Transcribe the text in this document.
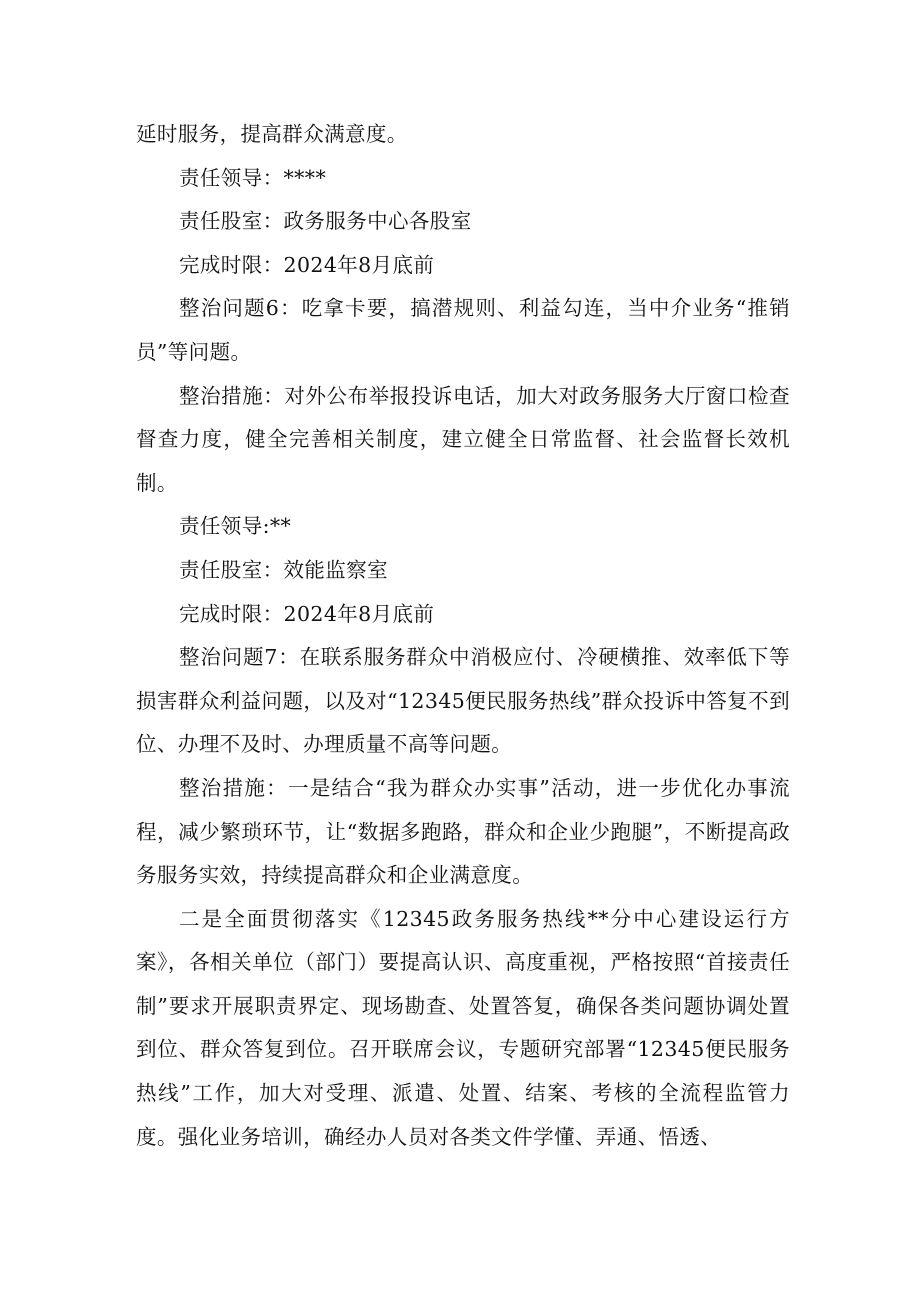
延时服务，提高群众满意度。

责任领导：****

责任股室：政务服务中心各股室

完成时限：2024年8月底前

整治问题6：吃拿卡要，搞潜规则、利益勾连，当中介业务“推销员”等问题。

整治措施：对外公布举报投诉电话，加大对政务服务大厅窗口检查督查力度，健全完善相关制度，建立健全日常监督、社会监督长效机制。

责任领导:**

责任股室：效能监察室

完成时限：2024年8月底前

整治问题7：在联系服务群众中消极应付、冷硬横推、效率低下等损害群众利益问题，以及对“12345便民服务热线”群众投诉中答复不到位、办理不及时、办理质量不高等问题。

整治措施：一是结合“我为群众办实事”活动，进一步优化办事流程，减少繁琐环节，让“数据多跑路，群众和企业少跑腿”，不断提高政务服务实效，持续提高群众和企业满意度。

二是全面贯彻落实《12345政务服务热线**分中心建设运行方案》，各相关单位（部门）要提高认识、高度重视，严格按照“首接责任制”要求开展职责界定、现场勘查、处置答复，确保各类问题协调处置到位、群众答复到位。召开联席会议，专题研究部署“12345便民服务热线”工作，加大对受理、派遣、处置、结案、考核的全流程监管力度。强化业务培训，确经办人员对各类文件学懂、弄通、悟透、
